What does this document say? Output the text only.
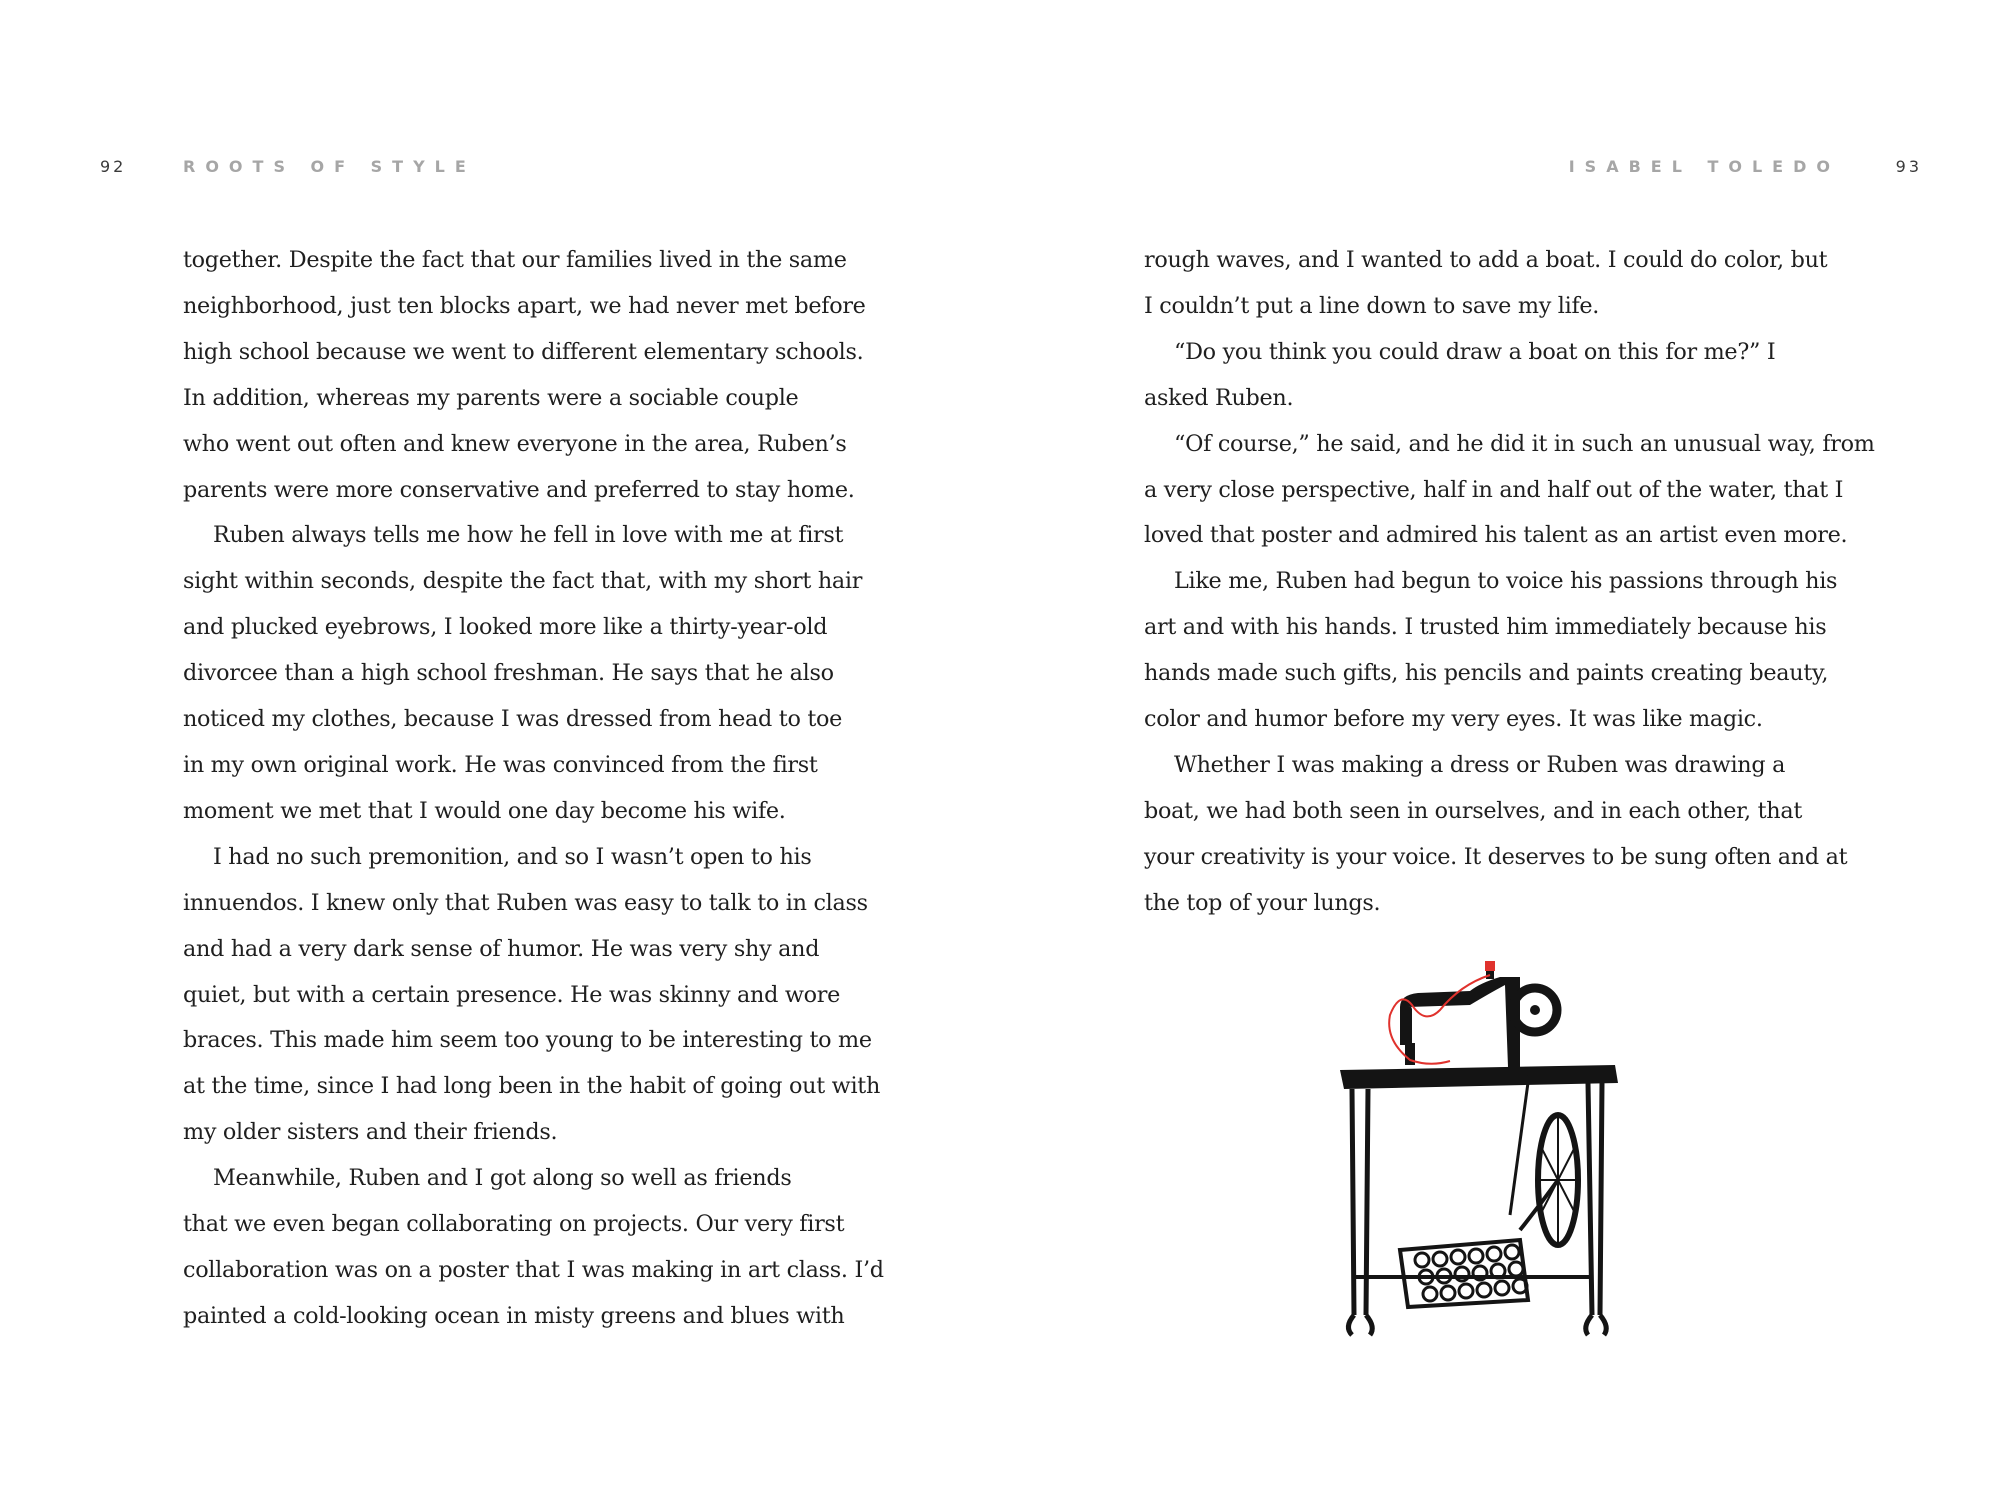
92	ROOTS OF STYLE
together. Despite the fact that our families lived in the same
neighborhood, just ten blocks apart, we had never met before
high school because we went to different elementary schools.
In addition, whereas my parents were a sociable couple
who went out often and knew everyone in the area, Ruben’s
parents were more conservative and preferred to stay home.
Ruben always tells me how he fell in love with me at first
sight within seconds, despite the fact that, with my short hair
and plucked eyebrows, I looked more like a thirty-year-old
divorcee than a high school freshman. He says that he also
noticed my clothes, because I was dressed from head to toe
in my own original work. He was convinced from the first
moment we met that I would one day become his wife.
I had no such premonition, and so I wasn’t open to his
innuendos. I knew only that Ruben was easy to talk to in class
and had a very dark sense of humor. He was very shy and
quiet, but with a certain presence. He was skinny and wore
braces. This made him seem too young to be interesting to me
at the time, since I had long been in the habit of going out with
my older sisters and their friends.
Meanwhile, Ruben and I got along so well as friends
that we even began collaborating on projects. Our very first
collaboration was on a poster that I was making in art class. I’d
painted a cold-looking ocean in misty greens and blues with
ISABEL TOLEDO	93
rough waves, and I wanted to add a boat. I could do color, but
I couldn’t put a line down to save my life.
“Do you think you could draw a boat on this for me?” I
asked Ruben.
“Of course,” he said, and he did it in such an unusual way, from
a very close perspective, half in and half out of the water, that I
loved that poster and admired his talent as an artist even more.
Like me, Ruben had begun to voice his passions through his
art and with his hands. I trusted him immediately because his
hands made such gifts, his pencils and paints creating beauty,
color and humor before my very eyes. It was like magic.
Whether I was making a dress or Ruben was drawing a
boat, we had both seen in ourselves, and in each other, that
your creativity is your voice. It deserves to be sung often and at
the top of your lungs.
